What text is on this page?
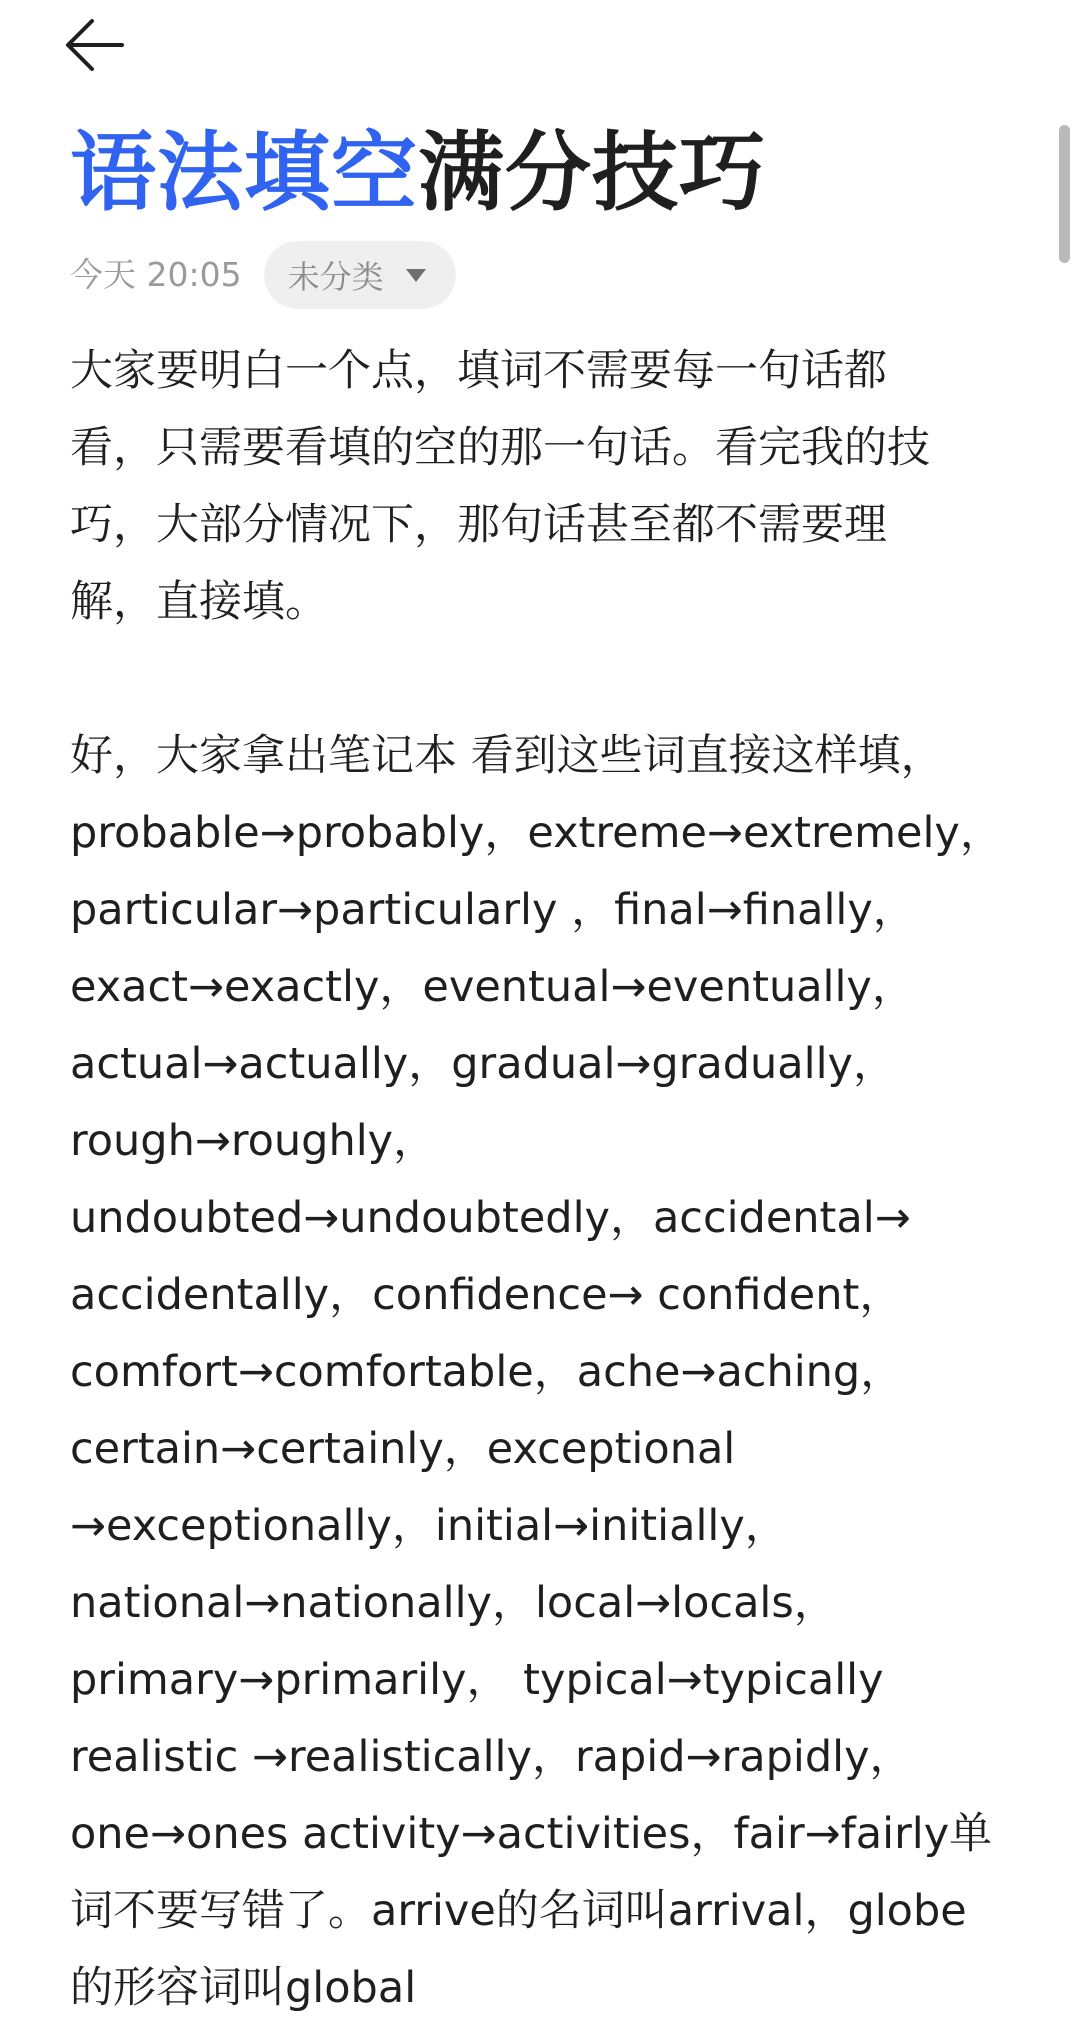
语法填空满分技巧
今天 20:05 未分类

大家要明白一个点，填词不需要每一句话都
看，只需要看填的空的那一句话。看完我的技
巧，大部分情况下，那句话甚至都不需要理
解，直接填。

好，大家拿出笔记本 看到这些词直接这样填，
probable→probably，extreme→extremely，
particular→particularly ，final→finally，
exact→exactly，eventual→eventually，
actual→actually，gradual→gradually，
rough→roughly，
undoubted→undoubtedly，accidental→
accidentally，confidence→ confident，
comfort→comfortable，ache→aching，
certain→certainly，exceptional
→exceptionally，initial→initially，
national→nationally，local→locals，
primary→primarily， typical→typically
realistic →realistically，rapid→rapidly，
one→ones activity→activities，fair→fairly单
词不要写错了。arrive的名词叫arrival，globe
的形容词叫global
